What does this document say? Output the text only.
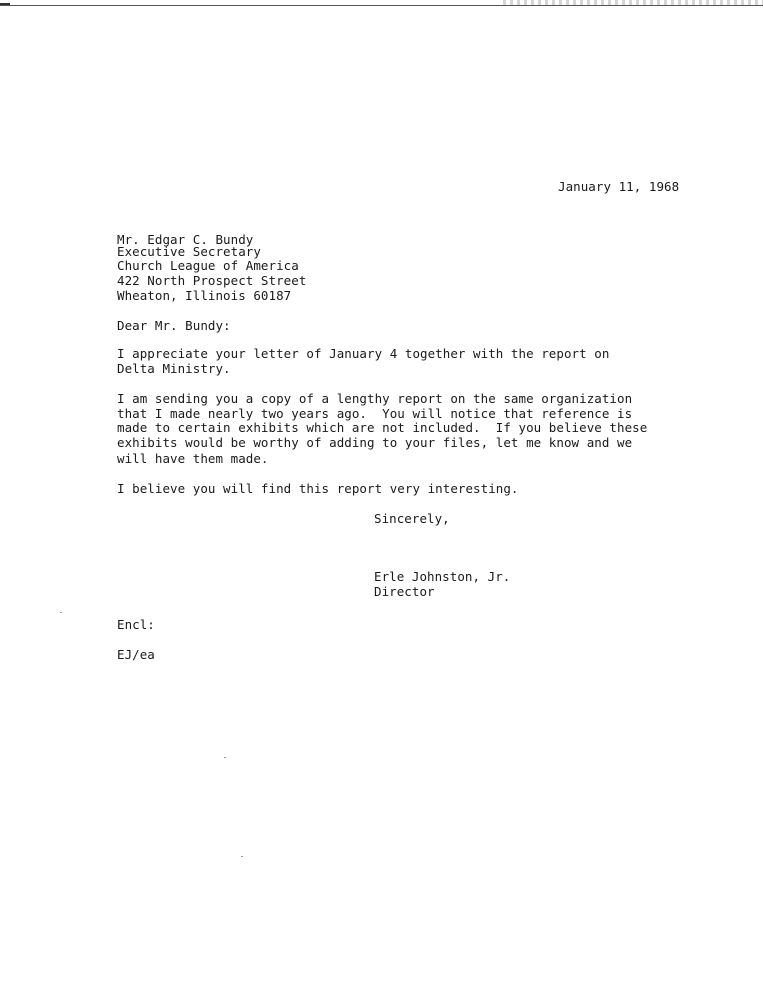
January 11, 1968
Mr. Edgar C. Bundy
Executive Secretary
Church League of America
422 North Prospect Street
Wheaton, Illinois 60187
Dear Mr. Bundy:
I appreciate your letter of January 4 together with the report on
Delta Ministry.
I am sending you a copy of a lengthy report on the same organization
that I made nearly two years ago.  You will notice that reference is
made to certain exhibits which are not included.  If you believe these
exhibits would be worthy of adding to your files, let me know and we
will have them made.
I believe you will find this report very interesting.
Sincerely,
Erle Johnston, Jr.
Director
Encl:
EJ/ea
